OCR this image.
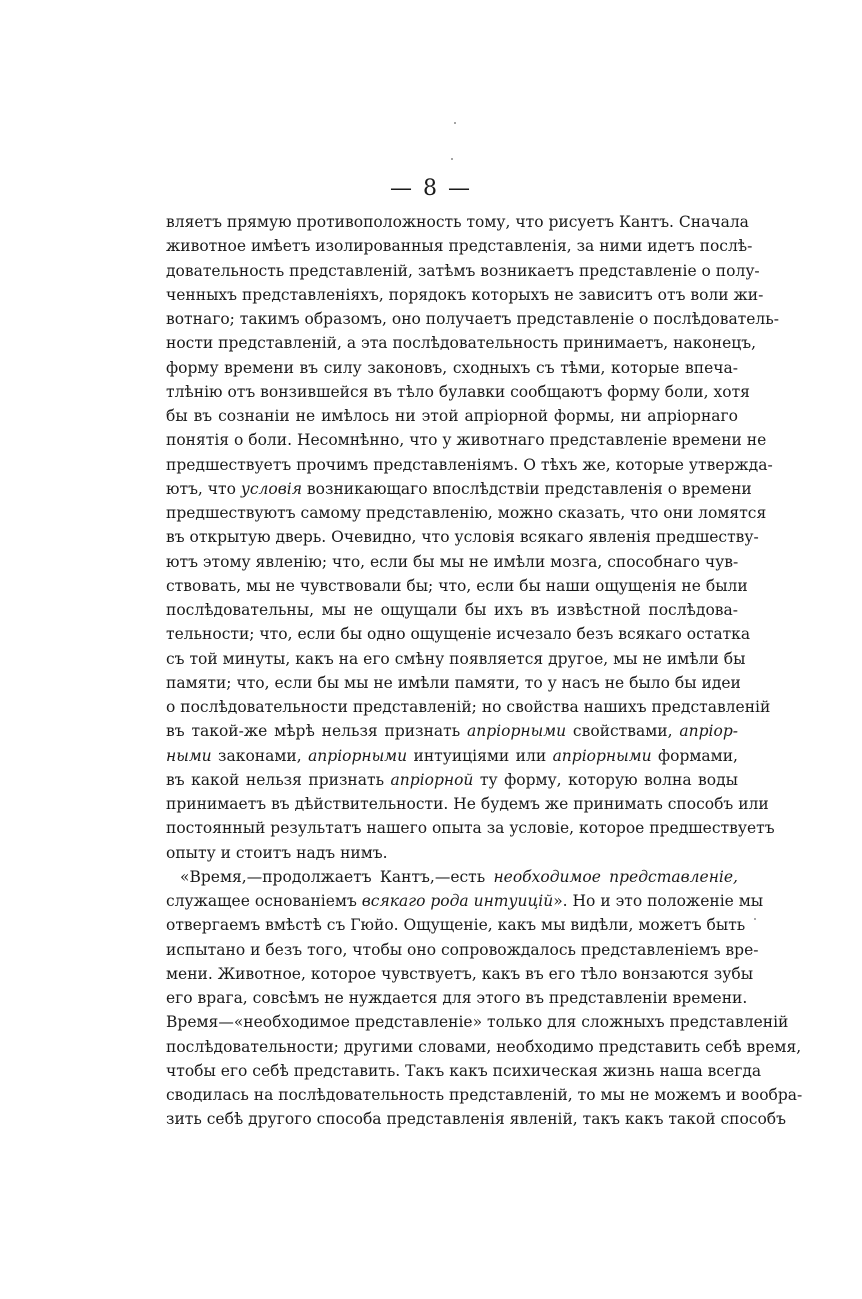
— 8 —
вляетъ прямую противоположность тому, что рисуетъ Кантъ. Сначала
животное имѣетъ изолированныя представленія, за ними идетъ послѣ-
довательность представленій, затѣмъ возникаетъ представленіе о полу-
ченныхъ представленіяхъ, порядокъ которыхъ не зависитъ отъ воли жи-
вотнаго; такимъ образомъ, оно получаетъ представленіе о послѣдователь-
ности представленій, а эта послѣдовательность принимаетъ, наконецъ,
форму времени въ силу законовъ, сходныхъ съ тѣми, которые впеча-
тлѣнію отъ вонзившейся въ тѣло булавки сообщаютъ форму боли, хотя
бы въ сознаніи не имѣлось ни этой апріорной формы, ни апріорнаго
понятія о боли. Несомнѣнно, что у животнаго представленіе времени не
предшествуетъ прочимъ представленіямъ. О тѣхъ же, которые утвержда-
ютъ, что условія возникающаго впослѣдствіи представленія о времени
предшествуютъ самому представленію, можно сказать, что они ломятся
въ открытую дверь. Очевидно, что условія всякаго явленія предшеству-
ютъ этому явленію; что, если бы мы не имѣли мозга, способнаго чув-
ствовать, мы не чувствовали бы; что, если бы наши ощущенія не были
послѣдовательны, мы не ощущали бы ихъ въ извѣстной послѣдова-
тельности; что, если бы одно ощущеніе исчезало безъ всякаго остатка
съ той минуты, какъ на его смѣну появляется другое, мы не имѣли бы
памяти; что, если бы мы не имѣли памяти, то у насъ не было бы идеи
о послѣдовательности представленій; но свойства нашихъ представленій
въ такой-же мѣрѣ нельзя признать апріорными свойствами, апріор-
ными законами, апріорными интуиціями или апріорными формами,
въ какой нельзя признать апріорной ту форму, которую волна воды
принимаетъ въ дѣйствительности. Не будемъ же принимать способъ или
постоянный результатъ нашего опыта за условіе, которое предшествуетъ
опыту и стоитъ надъ нимъ.
«Время,—продолжаетъ Кантъ,—есть необходимое представленіе,
служащее основаніемъ всякаго рода интуицій». Но и это положеніе мы
отвергаемъ вмѣстѣ съ Гюйо. Ощущеніе, какъ мы видѣли, можетъ быть
испытано и безъ того, чтобы оно сопровождалось представленіемъ вре-
мени. Животное, которое чувствуетъ, какъ въ его тѣло вонзаются зубы
его врага, совсѣмъ не нуждается для этого въ представленіи времени.
Время—«необходимое представленіе» только для сложныхъ представленій
послѣдовательности; другими словами, необходимо представить себѣ время,
чтобы его себѣ представить. Такъ какъ психическая жизнь наша всегда
сводилась на послѣдовательность представленій, то мы не можемъ и вообра-
зить себѣ другого способа представленія явленій, такъ какъ такой способъ
